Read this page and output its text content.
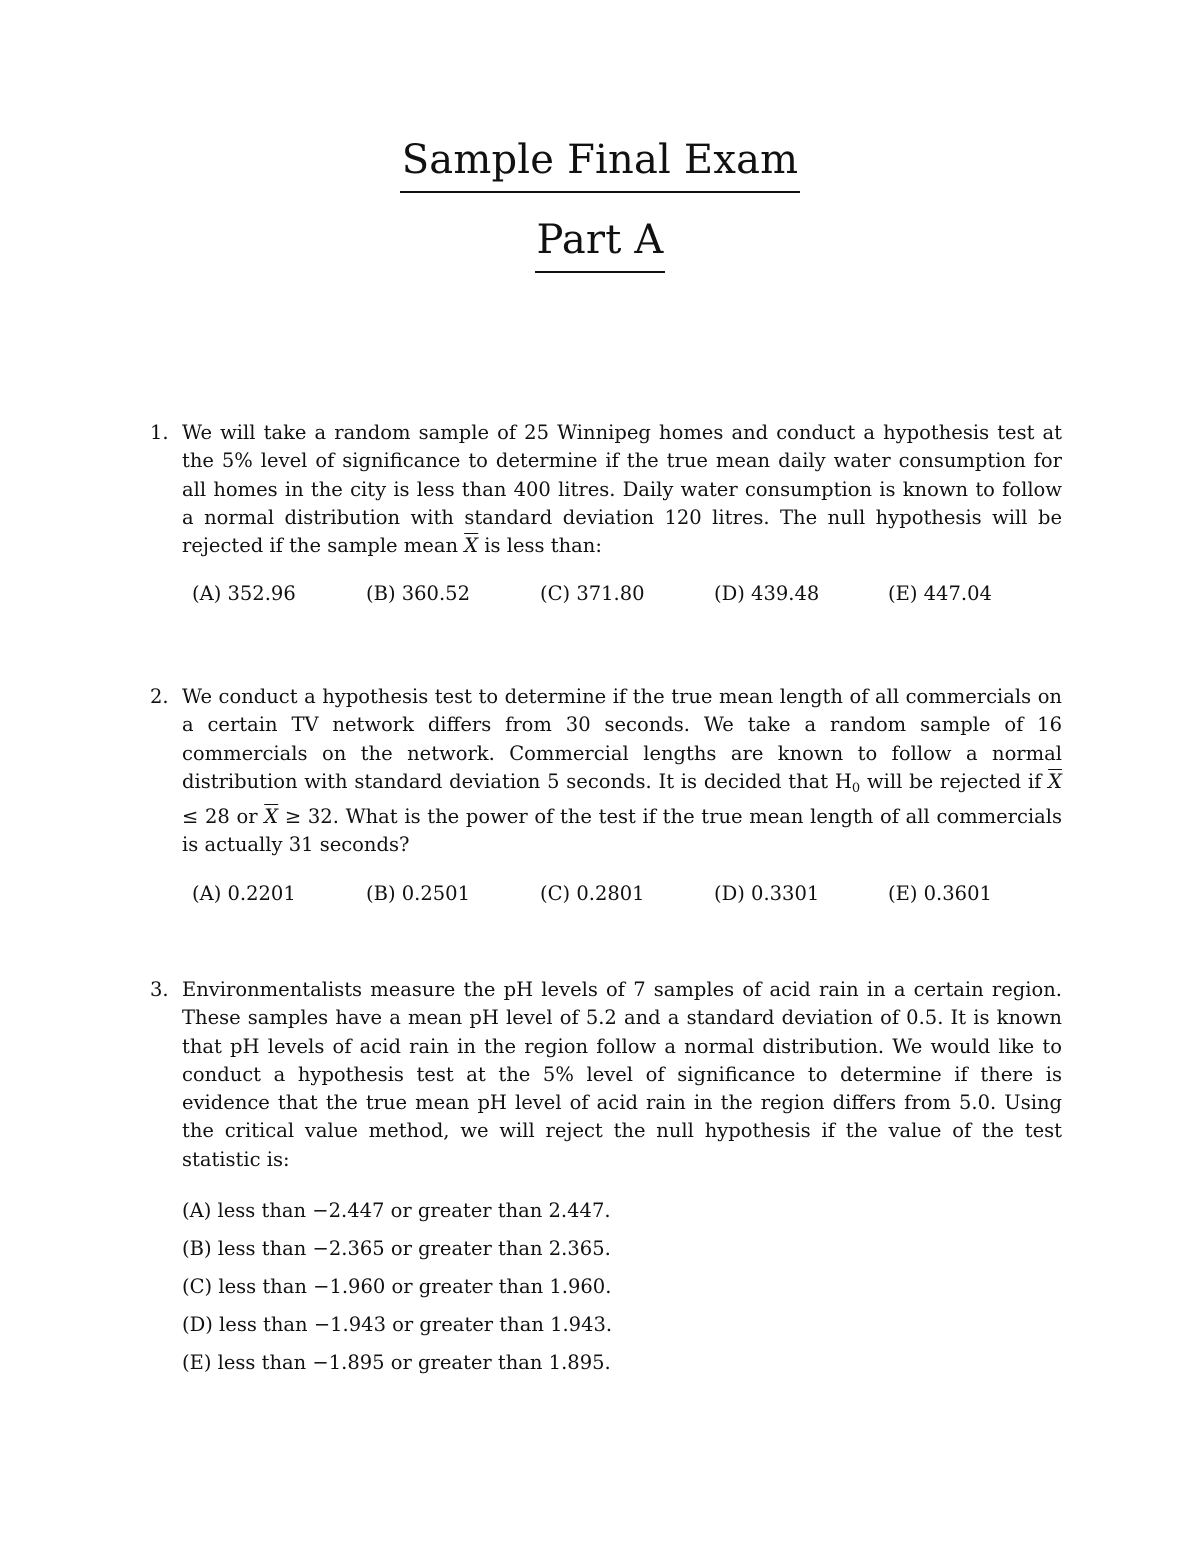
Sample Final Exam
Part A
1. We will take a random sample of 25 Winnipeg homes and conduct a hypothesis test at the 5% level of significance to determine if the true mean daily water consumption for all homes in the city is less than 400 litres. Daily water consumption is known to follow a normal distribution with standard deviation 120 litres. The null hypothesis will be rejected if the sample mean $\overline{X}$ is less than:
(A) 352.96	(B) 360.52	(C) 371.80	(D) 439.48	(E) 447.04
2. We conduct a hypothesis test to determine if the true mean length of all commercials on a certain TV network differs from 30 seconds. We take a random sample of 16 commercials on the network. Commercial lengths are known to follow a normal distribution with standard deviation 5 seconds. It is decided that $H_0$ will be rejected if $\overline{X} \le 28$ or $\overline{X} \ge 32$. What is the power of the test if the true mean length of all commercials is actually 31 seconds?
(A) 0.2201	(B) 0.2501	(C) 0.2801	(D) 0.3301	(E) 0.3601
3. Environmentalists measure the pH levels of 7 samples of acid rain in a certain region. These samples have a mean pH level of 5.2 and a standard deviation of 0.5. It is known that pH levels of acid rain in the region follow a normal distribution. We would like to conduct a hypothesis test at the 5% level of significance to determine if there is evidence that the true mean pH level of acid rain in the region differs from 5.0. Using the critical value method, we will reject the null hypothesis if the value of the test statistic is:
(A) less than −2.447 or greater than 2.447.
(B) less than −2.365 or greater than 2.365.
(C) less than −1.960 or greater than 1.960.
(D) less than −1.943 or greater than 1.943.
(E) less than −1.895 or greater than 1.895.
